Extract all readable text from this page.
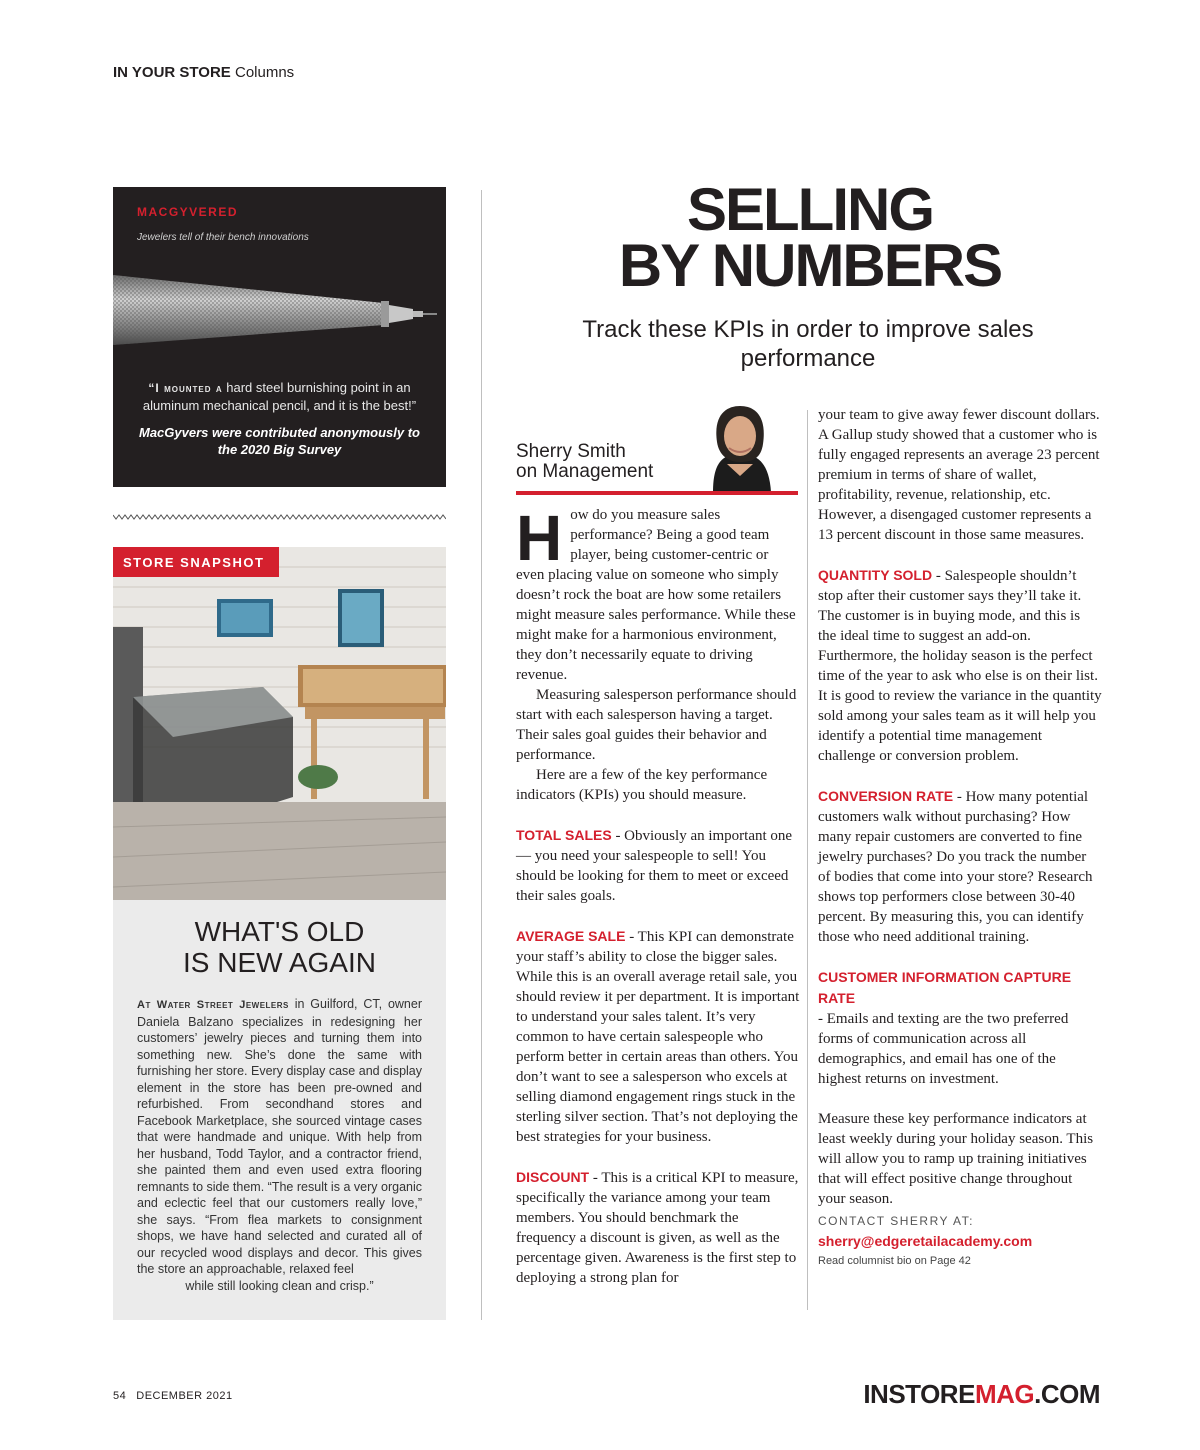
IN YOUR STORE Columns
MACGYVERED
Jewelers tell of their bench innovations
“I mounted a hard steel burnishing point in an aluminum mechanical pencil, and it is the best!”
MacGyvers were contributed anonymously to the 2020 Big Survey
STORE SNAPSHOT
WHAT'S OLD
IS NEW AGAIN
At Water Street Jewelers in Guilford, CT, owner Daniela Balzano specializes in redesigning her customers’ jewelry pieces and turning them into something new. She’s done the same with furnishing her store. Every display case and display element in the store has been pre-owned and refurbished. From secondhand stores and Facebook Marketplace, she sourced vintage cases that were handmade and unique. With help from her husband, Todd Taylor, and a contractor friend, she painted them and even used extra flooring remnants to side them. “The result is a very organic and eclectic feel that our customers really love,” she says. “From flea markets to consignment shops, we have hand selected and curated all of our recycled wood displays and decor. This gives the store an approachable, relaxed feel
while still looking clean and crisp.”
SELLING
BY NUMBERS
Track these KPIs in order to improve sales performance
Sherry Smith
on Management

How do you measure sales performance? Being a good team player, being customer-centric or even placing value on someone who simply doesn’t rock the boat are how some retailers might measure sales performance. While these might make for a harmonious environment, they don’t necessarily equate to driving revenue.

Measuring salesperson performance should start with each salesperson having a target. Their sales goal guides their behavior and performance.

Here are a few of the key performance indicators (KPIs) you should measure.

TOTAL SALES - Obviously an important one — you need your salespeople to sell! You should be looking for them to meet or exceed their sales goals.

AVERAGE SALE - This KPI can demonstrate your staff’s ability to close the bigger sales. While this is an overall average retail sale, you should review it per department. It is important to understand your sales talent. It’s very common to have certain salespeople who perform better in certain areas than others. You don’t want to see a salesperson who excels at selling diamond engagement rings stuck in the sterling silver section. That’s not deploying the best strategies for your business.

DISCOUNT - This is a critical KPI to measure, specifically the variance among your team members. You should benchmark the frequency a discount is given, as well as the percentage given. Awareness is the first step to deploying a strong plan for

your team to give away fewer discount dollars. A Gallup study showed that a customer who is fully engaged represents an average 23 percent premium in terms of share of wallet, profitability, revenue, relationship, etc. However, a disengaged customer represents a 13 percent discount in those same measures.

QUANTITY SOLD - Salespeople shouldn’t stop after their customer says they’ll take it. The customer is in buying mode, and this is the ideal time to suggest an add-on. Furthermore, the holiday season is the perfect time of the year to ask who else is on their list. It is good to review the variance in the quantity sold among your sales team as it will help you identify a potential time management challenge or conversion problem.

CONVERSION RATE - How many potential customers walk without purchasing? How many repair customers are converted to fine jewelry purchases? Do you track the number of bodies that come into your store? Research shows top performers close between 30-40 percent. By measuring this, you can identify those who need additional training.

CUSTOMER INFORMATION CAPTURE RATE
- Emails and texting are the two preferred forms of communication across all demographics, and email has one of the highest returns on investment.

Measure these key performance indicators at least weekly during your holiday season. This will allow you to ramp up training initiatives that will effect positive change throughout your season.

CONTACT SHERRY AT:
sherry@edgeretailacademy.com
Read columnist bio on Page 42
54 DECEMBER 2021	INSTOREMAG.COM
